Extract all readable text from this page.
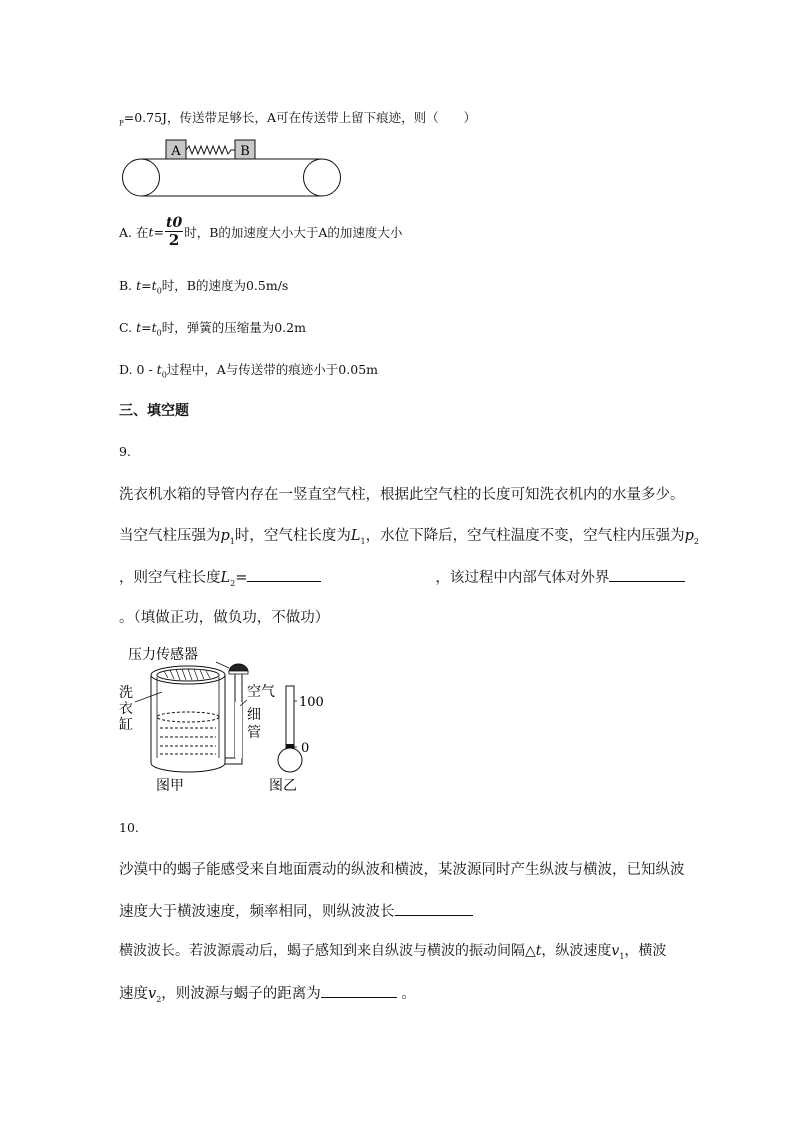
$_P$=0.75J，传送带足够长，A可在传送带上留下痕迹，则（　　）
A	B
A. 在$t= \frac{t0}{2}$ 时，B的加速度大小大于A的加速度大小
B. $t=t_0$时，B的速度为0.5m/s
C. $t=t_0$时，弹簧的压缩量为0.2m
D. $0 - t_0$过程中，A与传送带的痕迹小于0.05m
三、填空题
9.
洗衣机水箱的导管内存在一竖直空气柱，根据此空气柱的长度可知洗衣机内的水量多少。
当空气柱压强为$p_1$时，空气柱长度为$L_1$，水位下降后，空气柱温度不变，空气柱内压强为$p_2$
，则空气柱长度$L_2=$	，该过程中内部气体对外界
。（填做正功，做负功，不做功）
压力传感器
洗
衣
缸
空气
细
管
100
0
图甲	图乙
10.
沙漠中的蝎子能感受来自地面震动的纵波和横波，某波源同时产生纵波与横波，已知纵波
速度大于横波速度，频率相同，则纵波波长
横波波长。若波源震动后，蝎子感知到来自纵波与横波的振动间隔△t，纵波速度$v_1$，横波
速度$v_2$，则波源与蝎子的距离为	。
